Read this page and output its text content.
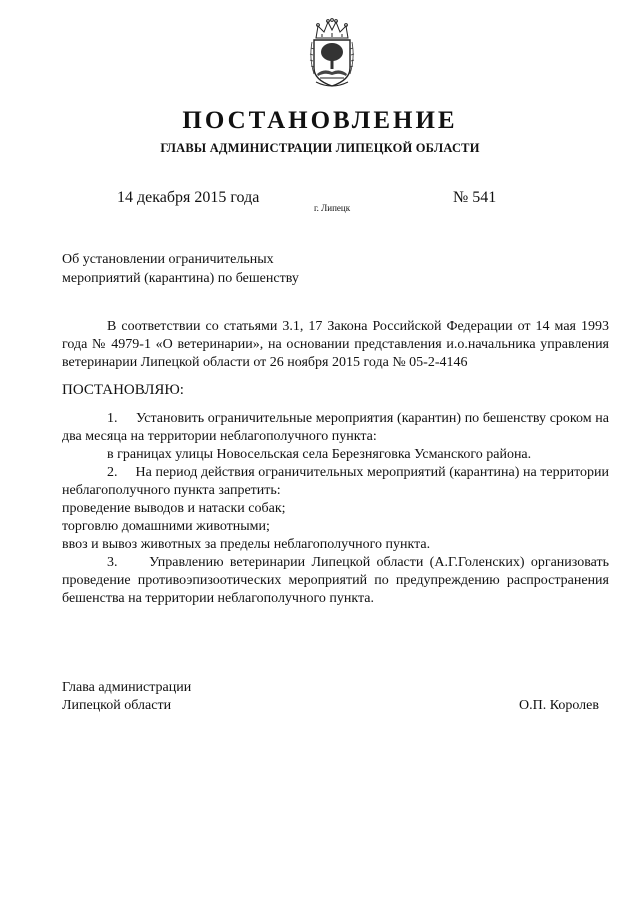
ПОСТАНОВЛЕНИЕ
ГЛАВЫ АДМИНИСТРАЦИИ ЛИПЕЦКОЙ ОБЛАСТИ
14 декабря 2015 года
г. Липецк
№ 541
Об установлении ограничительных
мероприятий (карантина) по бешенству
В соответствии со статьями 3.1, 17 Закона Российской Федерации от 14 мая 1993 года № 4979-1 «О ветеринарии», на основании представления и.о.начальника управления ветеринарии Липецкой области от 26 ноября 2015 года № 05-2-4146
ПОСТАНОВЛЯЮ:
1. Установить ограничительные мероприятия (карантин) по бешенству сроком на два месяца на территории неблагополучного пункта:
в границах улицы Новосельская села Березняговка Усманского района.
2. На период действия ограничительных мероприятий (карантина) на территории неблагополучного пункта запретить:
проведение выводов и натаски собак;
торговлю домашними животными;
ввоз и вывоз животных за пределы неблагополучного пункта.
3. Управлению ветеринарии Липецкой области (А.Г.Голенских) организовать проведение противоэпизоотических мероприятий по предупреждению распространения бешенства на территории неблагополучного пункта.
Глава администрации
Липецкой области	О.П. Королев
